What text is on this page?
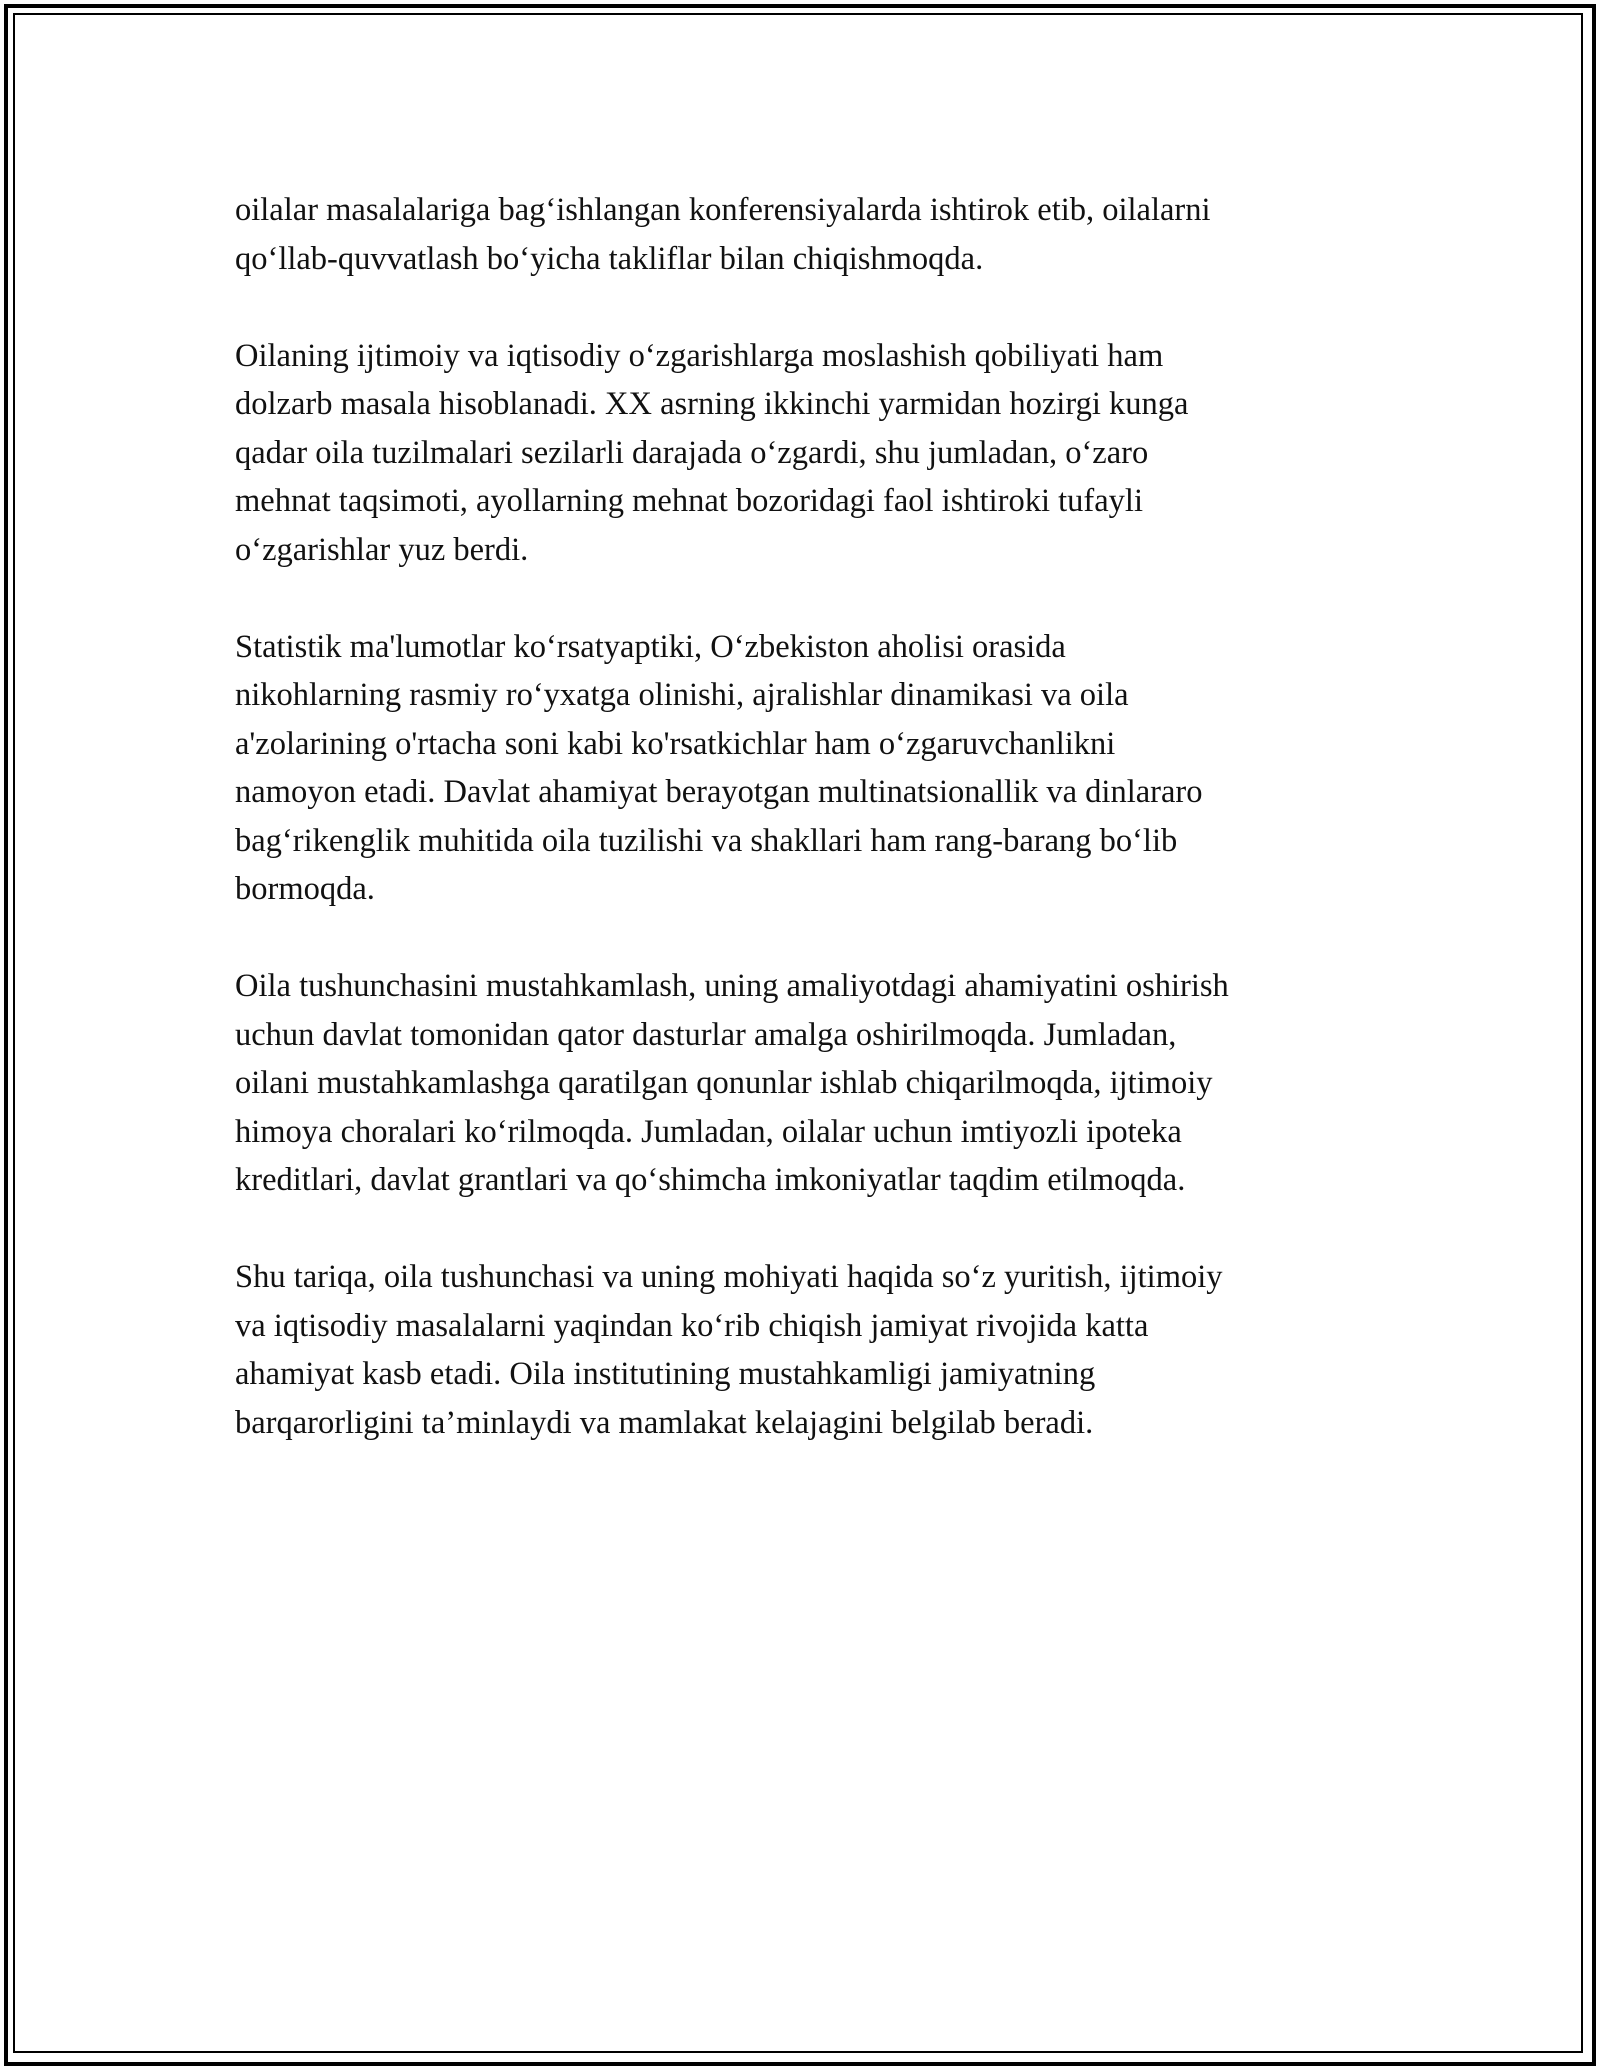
oilalar masalalariga bag‘ishlangan konferensiyalarda ishtirok etib, oilalarni
qo‘llab-quvvatlash bo‘yicha takliflar bilan chiqishmoqda.

Oilaning ijtimoiy va iqtisodiy o‘zgarishlarga moslashish qobiliyati ham
dolzarb masala hisoblanadi. XX asrning ikkinchi yarmidan hozirgi kunga
qadar oila tuzilmalari sezilarli darajada o‘zgardi, shu jumladan, o‘zaro
mehnat taqsimoti, ayollarning mehnat bozoridagi faol ishtiroki tufayli
o‘zgarishlar yuz berdi.

Statistik ma'lumotlar ko‘rsatyaptiki, O‘zbekiston aholisi orasida
nikohlarning rasmiy ro‘yxatga olinishi, ajralishlar dinamikasi va oila
a'zolarining o'rtacha soni kabi ko'rsatkichlar ham o‘zgaruvchanlikni
namoyon etadi. Davlat ahamiyat berayotgan multinatsionallik va dinlararo
bag‘rikenglik muhitida oila tuzilishi va shakllari ham rang-barang bo‘lib
bormoqda.

Oila tushunchasini mustahkamlash, uning amaliyotdagi ahamiyatini oshirish
uchun davlat tomonidan qator dasturlar amalga oshirilmoqda. Jumladan,
oilani mustahkamlashga qaratilgan qonunlar ishlab chiqarilmoqda, ijtimoiy
himoya choralari ko‘rilmoqda. Jumladan, oilalar uchun imtiyozli ipoteka
kreditlari, davlat grantlari va qo‘shimcha imkoniyatlar taqdim etilmoqda.

Shu tariqa, oila tushunchasi va uning mohiyati haqida so‘z yuritish, ijtimoiy
va iqtisodiy masalalarni yaqindan ko‘rib chiqish jamiyat rivojida katta
ahamiyat kasb etadi. Oila institutining mustahkamligi jamiyatning
barqarorligini ta’minlaydi va mamlakat kelajagini belgilab beradi.
